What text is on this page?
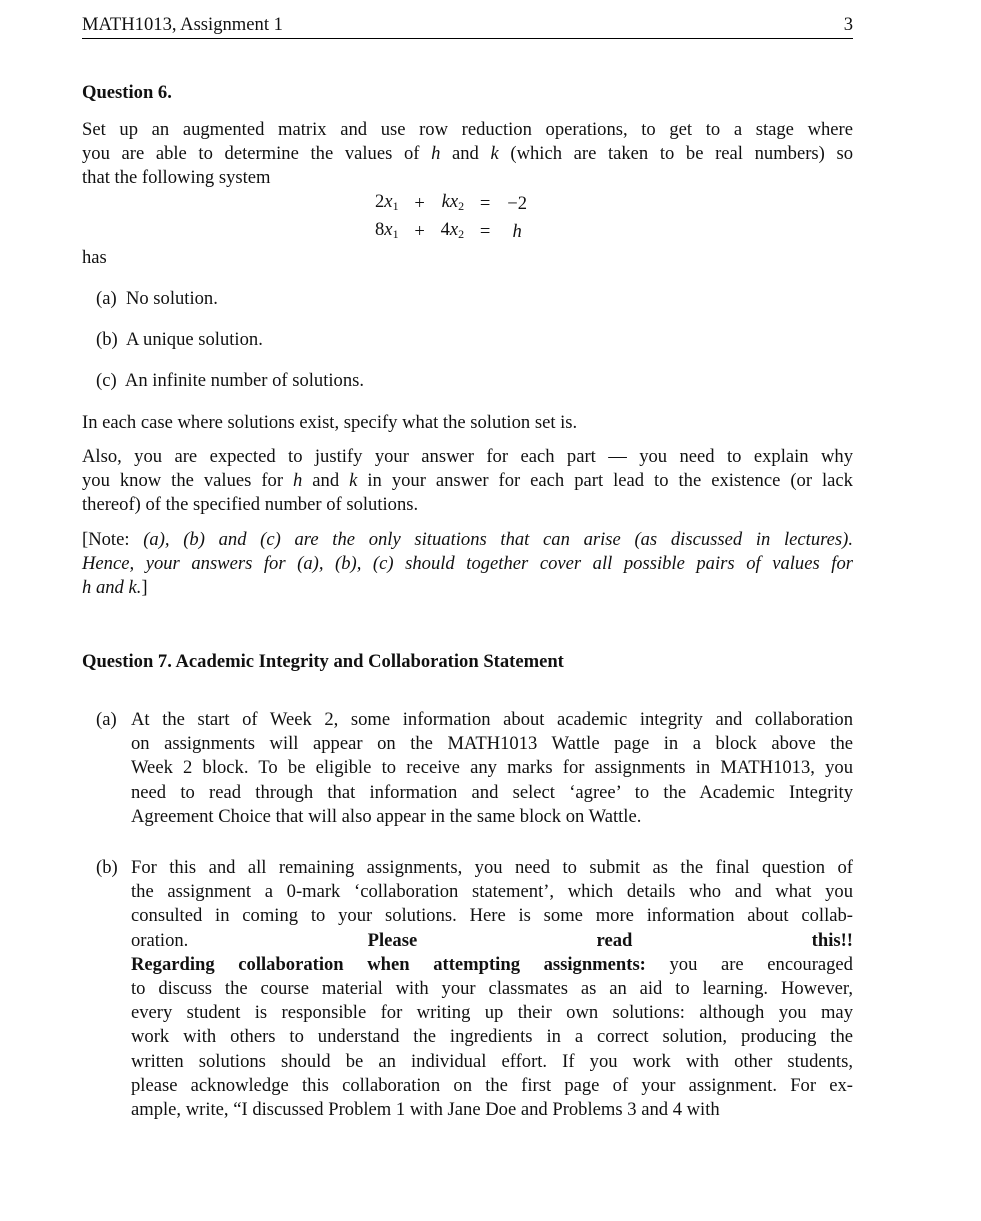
MATH1013, Assignment 1	3
Question 6.
Set up an augmented matrix and use row reduction operations, to get to a stage where
you are able to determine the values of h and k (which are taken to be real numbers) so
that the following system
$2x_1$	+	$kx_2$	=	−2
$8x_1$	+	$4x_2$	=	h
has
(a) No solution.
(b) A unique solution.
(c) An infinite number of solutions.
In each case where solutions exist, specify what the solution set is.
Also, you are expected to justify your answer for each part — you need to explain why
you know the values for h and k in your answer for each part lead to the existence (or lack
thereof) of the specified number of solutions.
[Note: (a), (b) and (c) are the only situations that can arise (as discussed in lectures).
Hence, your answers for (a), (b), (c) should together cover all possible pairs of values for
h and k.]
Question 7. Academic Integrity and Collaboration Statement
(a) At the start of Week 2, some information about academic integrity and collaboration
on assignments will appear on the MATH1013 Wattle page in a block above the
Week 2 block. To be eligible to receive any marks for assignments in MATH1013, you
need to read through that information and select ‘agree’ to the Academic Integrity
Agreement Choice that will also appear in the same block on Wattle.
(b) For this and all remaining assignments, you need to submit as the final question of
the assignment a 0-mark ‘collaboration statement’, which details who and what you
consulted in coming to your solutions. Here is some more information about collab-
oration. Please read this!!
Regarding collaboration when attempting assignments: you are encouraged
to discuss the course material with your classmates as an aid to learning. However,
every student is responsible for writing up their own solutions: although you may
work with others to understand the ingredients in a correct solution, producing the
written solutions should be an individual effort. If you work with other students,
please acknowledge this collaboration on the first page of your assignment. For ex-
ample, write, “I discussed Problem 1 with Jane Doe and Problems 3 and 4 with
